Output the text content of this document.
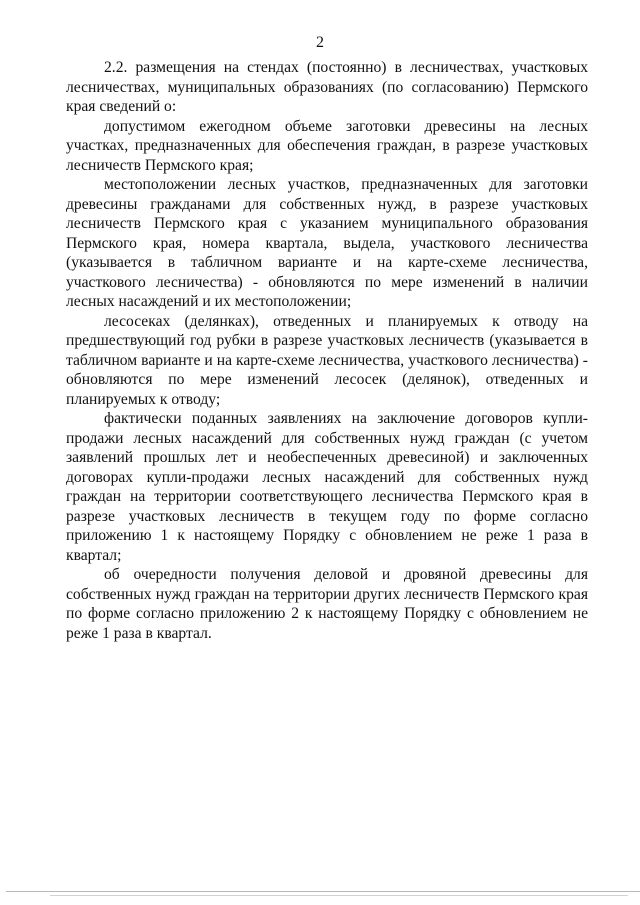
2

2.2. размещения на стендах (постоянно) в лесничествах, участковых лесничествах, муниципальных образованиях (по согласованию) Пермского края сведений о:

допустимом ежегодном объеме заготовки древесины на лесных участках, предназначенных для обеспечения граждан, в разрезе участковых лесничеств Пермского края;

местоположении лесных участков, предназначенных для заготовки древесины гражданами для собственных нужд, в разрезе участковых лесничеств Пермского края с указанием муниципального образования Пермского края, номера квартала, выдела, участкового лесничества (указывается в табличном варианте и на карте-схеме лесничества, участкового лесничества) - обновляются по мере изменений в наличии лесных насаждений и их местоположении;

лесосеках (делянках), отведенных и планируемых к отводу на предшествующий год рубки в разрезе участковых лесничеств (указывается в табличном варианте и на карте-схеме лесничества, участкового лесничества) - обновляются по мере изменений лесосек (делянок), отведенных и планируемых к отводу;

фактически поданных заявлениях на заключение договоров купли-продажи лесных насаждений для собственных нужд граждан (с учетом заявлений прошлых лет и необеспеченных древесиной) и заключенных договорах купли-продажи лесных насаждений для собственных нужд граждан на территории соответствующего лесничества Пермского края в разрезе участковых лесничеств в текущем году по форме согласно приложению 1 к настоящему Порядку с обновлением не реже 1 раза в квартал;

об очередности получения деловой и дровяной древесины для собственных нужд граждан на территории других лесничеств Пермского края по форме согласно приложению 2 к настоящему Порядку с обновлением не реже 1 раза в квартал.
